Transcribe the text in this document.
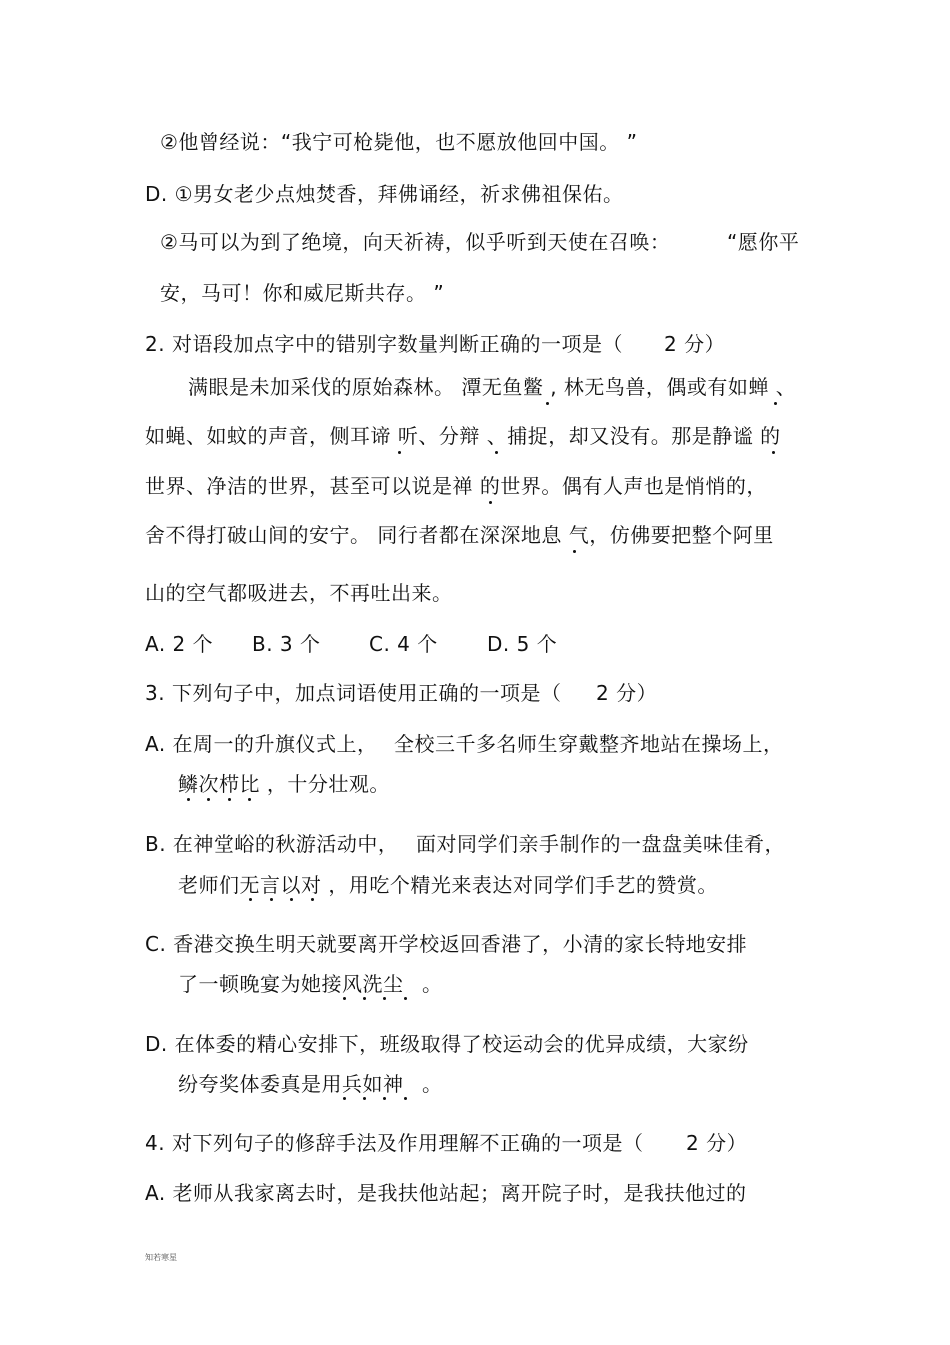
②他曾经说：“我宁可枪毙他，也不愿放他回中国。 ”
D. ①男女老少点烛焚香，拜佛诵经，祈求佛祖保佑。
②马可以为到了绝境，向天祈祷，似乎听到天使在召唤：	“愿你平
安，马可！你和威尼斯共存。 ”
2. 对语段加点字中的错别字数量判断正确的一项是（ 2 分）
满眼是未加采伐的原始森林。 潭无鱼鳖 , 林无鸟兽，偶或有如蝉 、
如蝇、如蚊的声音，侧耳谛 听、分辩 、捕捉，却又没有。那是静谧 的
世界、净洁的世界，甚至可以说是禅 的世界。偶有人声也是悄悄的，
舍不得打破山间的安宁。 同行者都在深深地息 气，仿佛要把整个阿里
山的空气都吸进去，不再吐出来。
A. 2 个 B. 3 个 C. 4 个 D. 5 个
3. 下列句子中，加点词语使用正确的一项是（ 2 分）
A. 在周一的升旗仪式上， 全校三千多名师生穿戴整齐地站在操场上，
鳞次栉比 ，十分壮观。
B. 在神堂峪的秋游活动中， 面对同学们亲手制作的一盘盘美味佳肴，
老师们无言以对 ，用吃个精光来表达对同学们手艺的赞赏。
C. 香港交换生明天就要离开学校返回香港了，小清的家长特地安排
了一顿晚宴为她接风洗尘 。
D. 在体委的精心安排下，班级取得了校运动会的优异成绩，大家纷
纷夸奖体委真是用兵如神 。
4. 对下列句子的修辞手法及作用理解不正确的一项是（ 2 分）
A. 老师从我家离去时，是我扶他站起；离开院子时，是我扶他过的
知若寒星
